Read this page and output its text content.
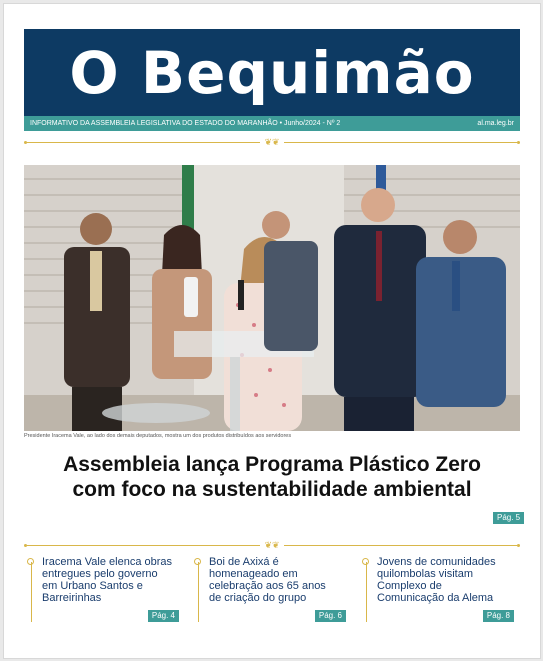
O Bequimão
INFORMATIVO DA ASSEMBLEIA LEGISLATIVA DO ESTADO DO MARANHÃO • Junho/2024 - Nº 2	al.ma.leg.br
❦❦
Presidente Iracema Vale, ao lado dos demais deputados, mostra um dos produtos distribuídos aos servidores
Assembleia lança Programa Plástico Zero
com foco na sustentabilidade ambiental
Pág. 5
❦❦
Iracema Vale elenca obras entregues pelo governo em Urbano Santos e Barreirinhas
Pág. 4
Boi de Axixá é homenageado em celebração aos 65 anos de criação do grupo
Pág. 6
Jovens de comunidades quilombolas visitam Complexo de Comunicação da Alema
Pág. 8
